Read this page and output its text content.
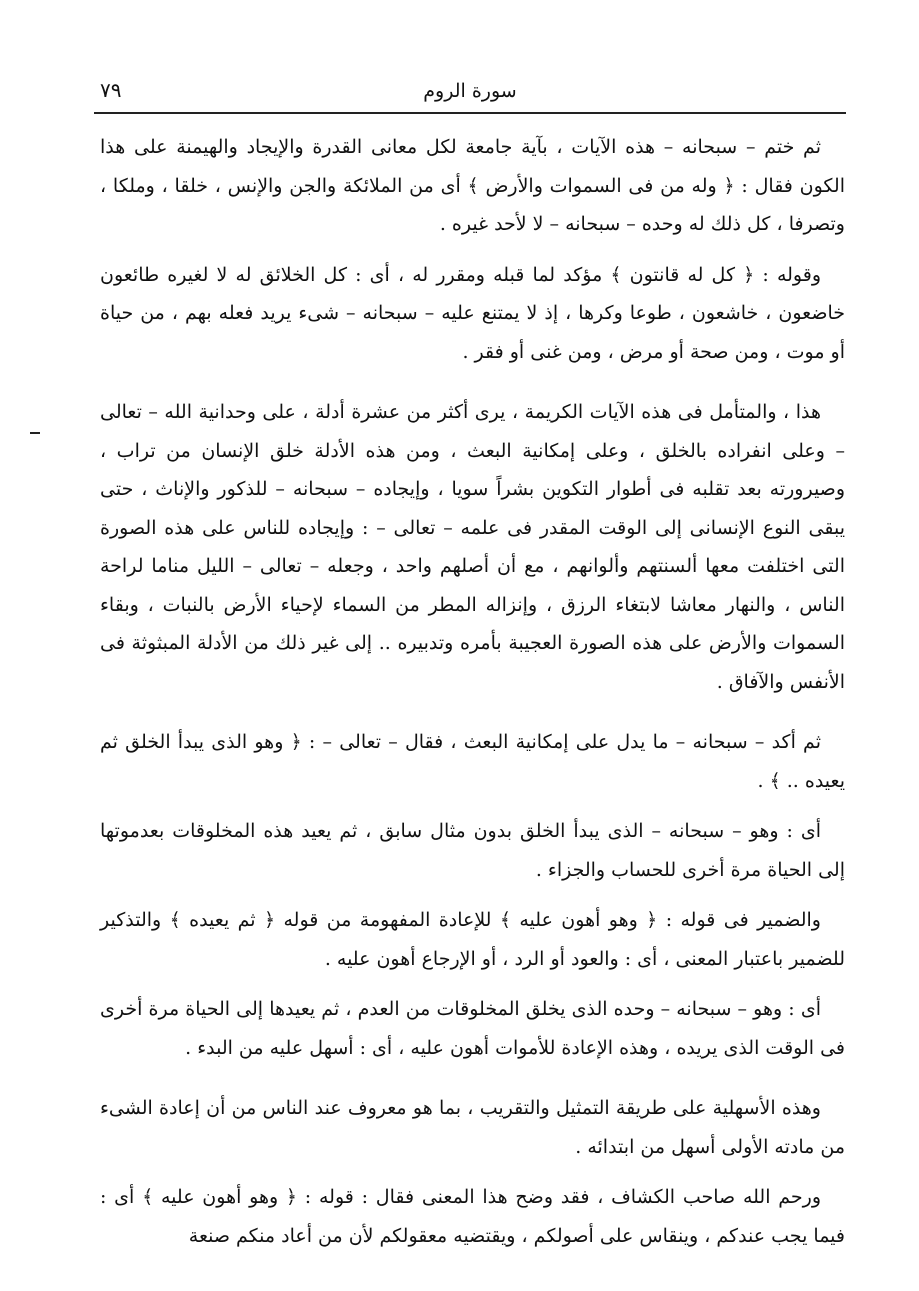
٧٩	سورة الروم

ثم ختم – سبحانه – هذه الآيات ، بآية جامعة لكل معانى القدرة والإيجاد والهيمنة على هذا الكون فقال : ﴿ وله من فى السموات والأرض ﴾ أى من الملائكة والجن والإنس ، خلقا ، وملكا ، وتصرفا ، كل ذلك له وحده – سبحانه – لا لأحد غيره .

وقوله : ﴿ كل له قانتون ﴾ مؤكد لما قبله ومقرر له ، أى : كل الخلائق له لا لغيره طائعون خاضعون ، خاشعون ، طوعا وكرها ، إذ لا يمتنع عليه – سبحانه – شىء يريد فعله بهم ، من حياة أو موت ، ومن صحة أو مرض ، ومن غنى أو فقر .

هذا ، والمتأمل فى هذه الآيات الكريمة ، يرى أكثر من عشرة أدلة ، على وحدانية الله – تعالى – وعلى انفراده بالخلق ، وعلى إمكانية البعث ، ومن هذه الأدلة خلق الإنسان من تراب ، وصيرورته بعد تقلبه فى أطوار التكوين بشراً سويا ، وإيجاده – سبحانه – للذكور والإناث ، حتى يبقى النوع الإنسانى إلى الوقت المقدر فى علمه – تعالى – : وإيجاده للناس على هذه الصورة التى اختلفت معها ألسنتهم وألوانهم ، مع أن أصلهم واحد ، وجعله – تعالى – الليل مناما لراحة الناس ، والنهار معاشا لابتغاء الرزق ، وإنزاله المطر من السماء لإحياء الأرض بالنبات ، وبقاء السموات والأرض على هذه الصورة العجيبة بأمره وتدبيره .. إلى غير ذلك من الأدلة المبثوثة فى الأنفس والآفاق .

ثم أكد – سبحانه – ما يدل على إمكانية البعث ، فقال – تعالى – : ﴿ وهو الذى يبدأ الخلق ثم يعيده .. ﴾ .

أى : وهو – سبحانه – الذى يبدأ الخلق بدون مثال سابق ، ثم يعيد هذه المخلوقات بعدموتها إلى الحياة مرة أخرى للحساب والجزاء .

والضمير فى قوله : ﴿ وهو أهون عليه ﴾ للإعادة المفهومة من قوله ﴿ ثم يعيده ﴾ والتذكير للضمير باعتبار المعنى ، أى : والعود أو الرد ، أو الإرجاع أهون عليه .

أى : وهو – سبحانه – وحده الذى يخلق المخلوقات من العدم ، ثم يعيدها إلى الحياة مرة أخرى فى الوقت الذى يريده ، وهذه الإعادة للأموات أهون عليه ، أى : أسهل عليه من البدء .

وهذه الأسهلية على طريقة التمثيل والتقريب ، بما هو معروف عند الناس من أن إعادة الشىء من مادته الأولى أسهل من ابتدائه .

ورحم الله صاحب الكشاف ، فقد وضح هذا المعنى فقال : قوله : ﴿ وهو أهون عليه ﴾ أى : فيما يجب عندكم ، وينقاس على أصولكم ، ويقتضيه معقولكم لأن من أعاد منكم صنعة
